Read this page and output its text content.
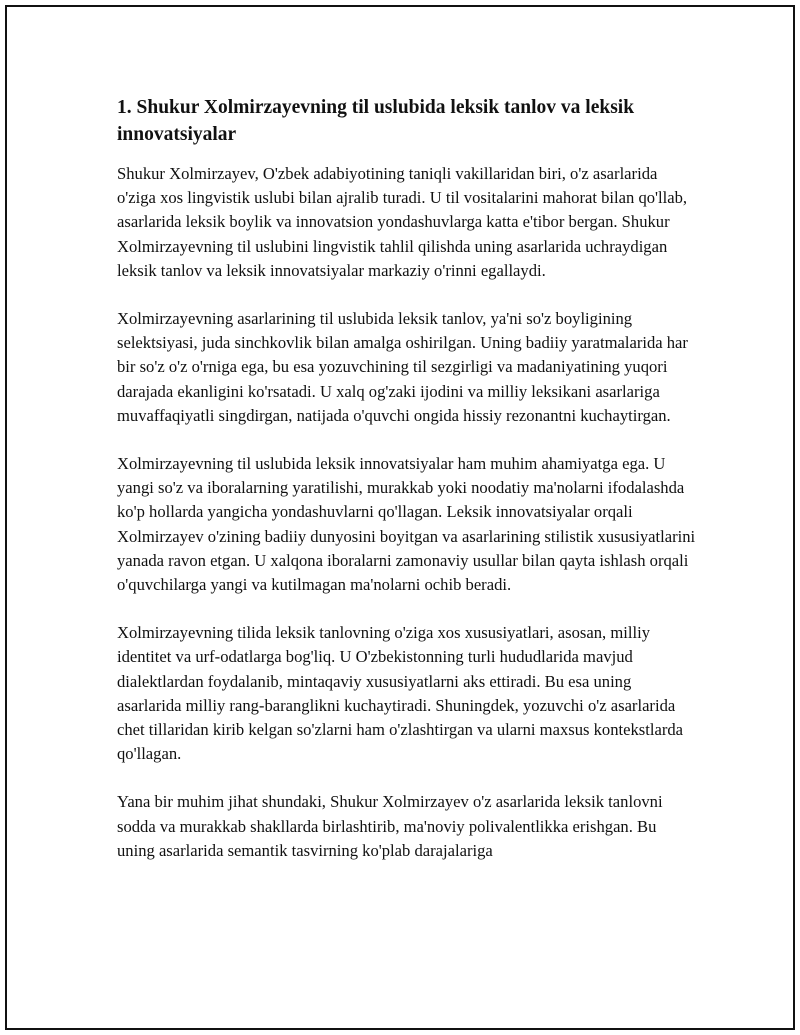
1. Shukur Xolmirzayevning til uslubida leksik tanlov va leksik innovatsiyalar

Shukur Xolmirzayev, O'zbek adabiyotining taniqli vakillaridan biri, o'z asarlarida o'ziga xos lingvistik uslubi bilan ajralib turadi. U til vositalarini mahorat bilan qo'llab, asarlarida leksik boylik va innovatsion yondashuvlarga katta e'tibor bergan. Shukur Xolmirzayevning til uslubini lingvistik tahlil qilishda uning asarlarida uchraydigan leksik tanlov va leksik innovatsiyalar markaziy o'rinni egallaydi.

Xolmirzayevning asarlarining til uslubida leksik tanlov, ya'ni so'z boyligining selektsiyasi, juda sinchkovlik bilan amalga oshirilgan. Uning badiiy yaratmalarida har bir so'z o'z o'rniga ega, bu esa yozuvchining til sezgirligi va madaniyatining yuqori darajada ekanligini ko'rsatadi. U xalq og'zaki ijodini va milliy leksikani asarlariga muvaffaqiyatli singdirgan, natijada o'quvchi ongida hissiy rezonantni kuchaytirgan.

Xolmirzayevning til uslubida leksik innovatsiyalar ham muhim ahamiyatga ega. U yangi so'z va iboralarning yaratilishi, murakkab yoki noodatiy ma'nolarni ifodalashda ko'p hollarda yangicha yondashuvlarni qo'llagan. Leksik innovatsiyalar orqali Xolmirzayev o'zining badiiy dunyosini boyitgan va asarlarining stilistik xususiyatlarini yanada ravon etgan. U xalqona iboralarni zamonaviy usullar bilan qayta ishlash orqali o'quvchilarga yangi va kutilmagan ma'nolarni ochib beradi.

Xolmirzayevning tilida leksik tanlovning o'ziga xos xususiyatlari, asosan, milliy identitet va urf-odatlarga bog'liq. U O'zbekistonning turli hududlarida mavjud dialektlardan foydalanib, mintaqaviy xususiyatlarni aks ettiradi. Bu esa uning asarlarida milliy rang-baranglikni kuchaytiradi. Shuningdek, yozuvchi o'z asarlarida chet tillaridan kirib kelgan so'zlarni ham o'zlashtirgan va ularni maxsus kontekstlarda qo'llagan.

Yana bir muhim jihat shundaki, Shukur Xolmirzayev o'z asarlarida leksik tanlovni sodda va murakkab shakllarda birlashtirib, ma'noviy polivalentlikka erishgan. Bu uning asarlarida semantik tasvirning ko'plab darajalariga
